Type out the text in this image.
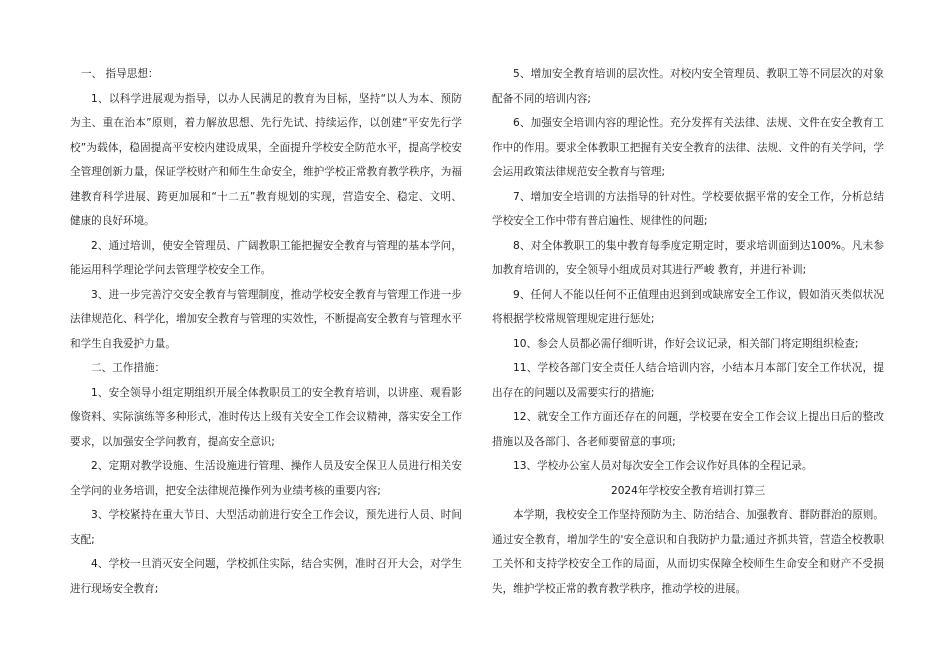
一、 指导思想：

1、以科学进展观为指导，以办人民满足的教育为目标，坚持“以人为本、预防为主、重在治本”原则，着力解放思想、先行先试、持续运作，以创建“平安先行学校”为载体，稳固提高平安校内建设成果，全面提升学校安全防范水平，提高学校安全管理创新力量，保证学校财产和师生生命安全，维护学校正常教育教学秩序，为福建教育科学进展、跨更加展和“十二五”教育规划的实现，营造安全、稳定、文明、健康的良好环境。

2、通过培训，使安全管理员、广阔教职工能把握安全教育与管理的基本学问，能运用科学理论学问去管理学校安全工作。

3、进一步完善泞交安全教育与管理制度，推动学校安全教育与管理工作进一步法律规范化、科学化，增加安全教育与管理的实效性，不断提高安全教育与管理水平和学生自我爱护力量。

二、工作措施：

1、安全领导小组定期组织开展全体教职员工的安全教育培训，以讲座、观看影像资料、实际演练等多种形式，准时传达上级有关安全工作会议精神，落实安全工作要求，以加强安全学问教育，提高安全意识;

2、定期对教学设施、生活设施进行管理、操作人员及安全保卫人员进行相关安全学问的业务培训，把安全法律规范操作列为业绩考核的重要内容;

3、学校紧持在重大节日、大型活动前进行安全工作会议，预先进行人员、时间支配;

4、学校一旦消灭安全问题，学校抓住实际，结合实例，准时召开大会，对学生进行现场安全教育;

5、增加安全教育培训的层次性。对校内安全管理员、教职工等不同层次的对象配备不同的培训内容;

6、加强安全培训内容的理论性。充分发挥有关法律、法规、文件在安全教育工作中的作用。要求全体教职工把握有关安全教育的法律、法规、文件的有关学问，学会运用政策法律规范安全教育与管理;

7、增加安全培训的方法指导的针对性。学校要依据平常的安全工作，分析总结学校安全工作中带有普启遍性、规律性的问题;

8、对全体教职工的集中教育每季度定期定时，要求培训面到达100%。凡未参加教育培训的，安全领导小组成员对其进行严峻 教育，并进行补训;

9、任何人不能以任何不正值理由迟到到或缺席安全工作议，假如消灭类似状况将根据学校常规管理规定进行惩处;

10、参会人员都必需仔细听讲，作好会议记录，相关部门将定期组织检查;

11、学校各部门安全责任人结合培训内容，小结本月本部门安全工作状况，提出存在的问题以及需要实行的措施;

12、就安全工作方面还存在的问题，学校要在安全工作会议上提出日后的整改措施以及各部门、各老师要留意的事项;

13、学校办公室人员对每次安全工作会议作好具体的全程记录。

2024年学校安全教育培训打算三

本学期，我校安全工作坚持预防为主、防治结合、加强教育、群防群治的原则。通过安全教育，增加学生的'安全意识和自我防护力量;通过齐抓共管，营造全校教职工关怀和支持学校安全工作的局面，从而切实保障全校师生生命安全和财产不受损失，维护学校正常的教育教学秩序，推动学校的进展。
